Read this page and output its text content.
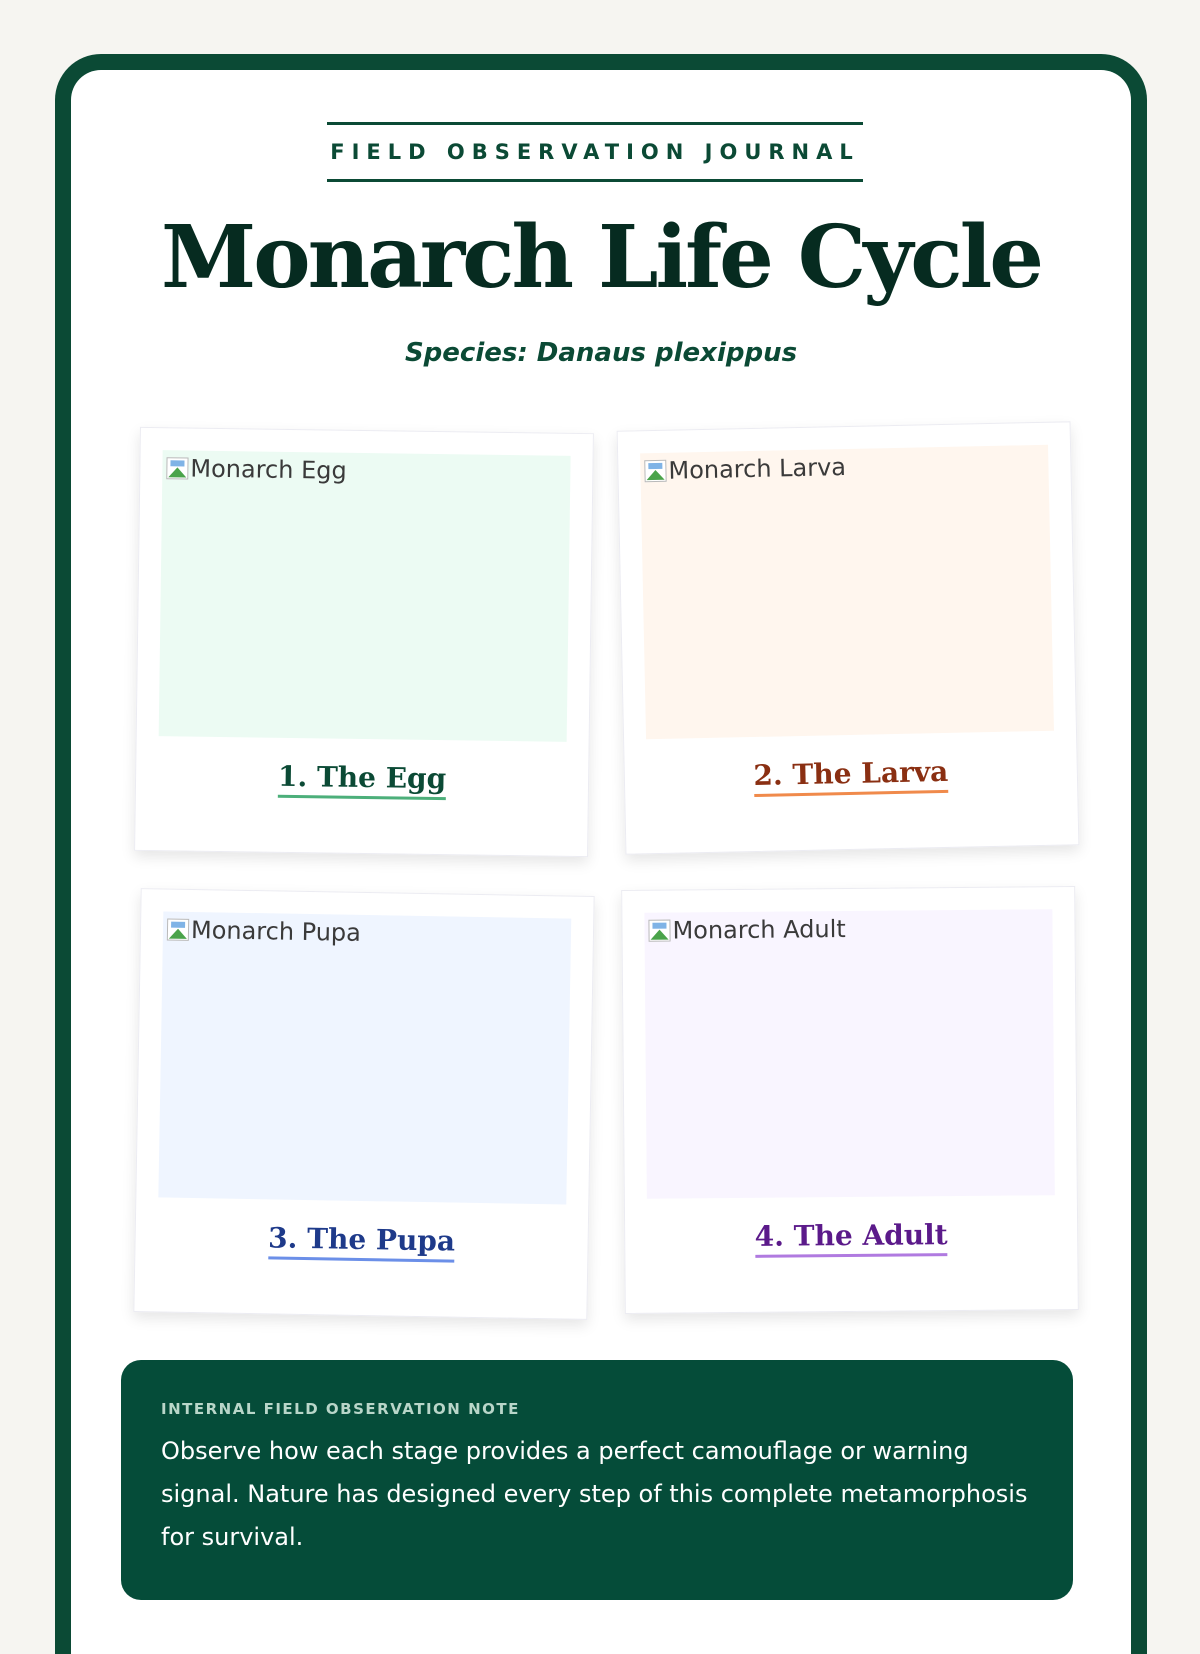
FIELD OBSERVATION JOURNAL
Monarch Life Cycle
Species: Danaus plexippus
Monarch Egg
1. The Egg
Monarch Larva
2. The Larva
Monarch Pupa
3. The Pupa
Monarch Adult
4. The Adult
INTERNAL FIELD OBSERVATION NOTE
Observe how each stage provides a perfect camouflage or warning signal. Nature has designed every step of this complete metamorphosis for survival.
